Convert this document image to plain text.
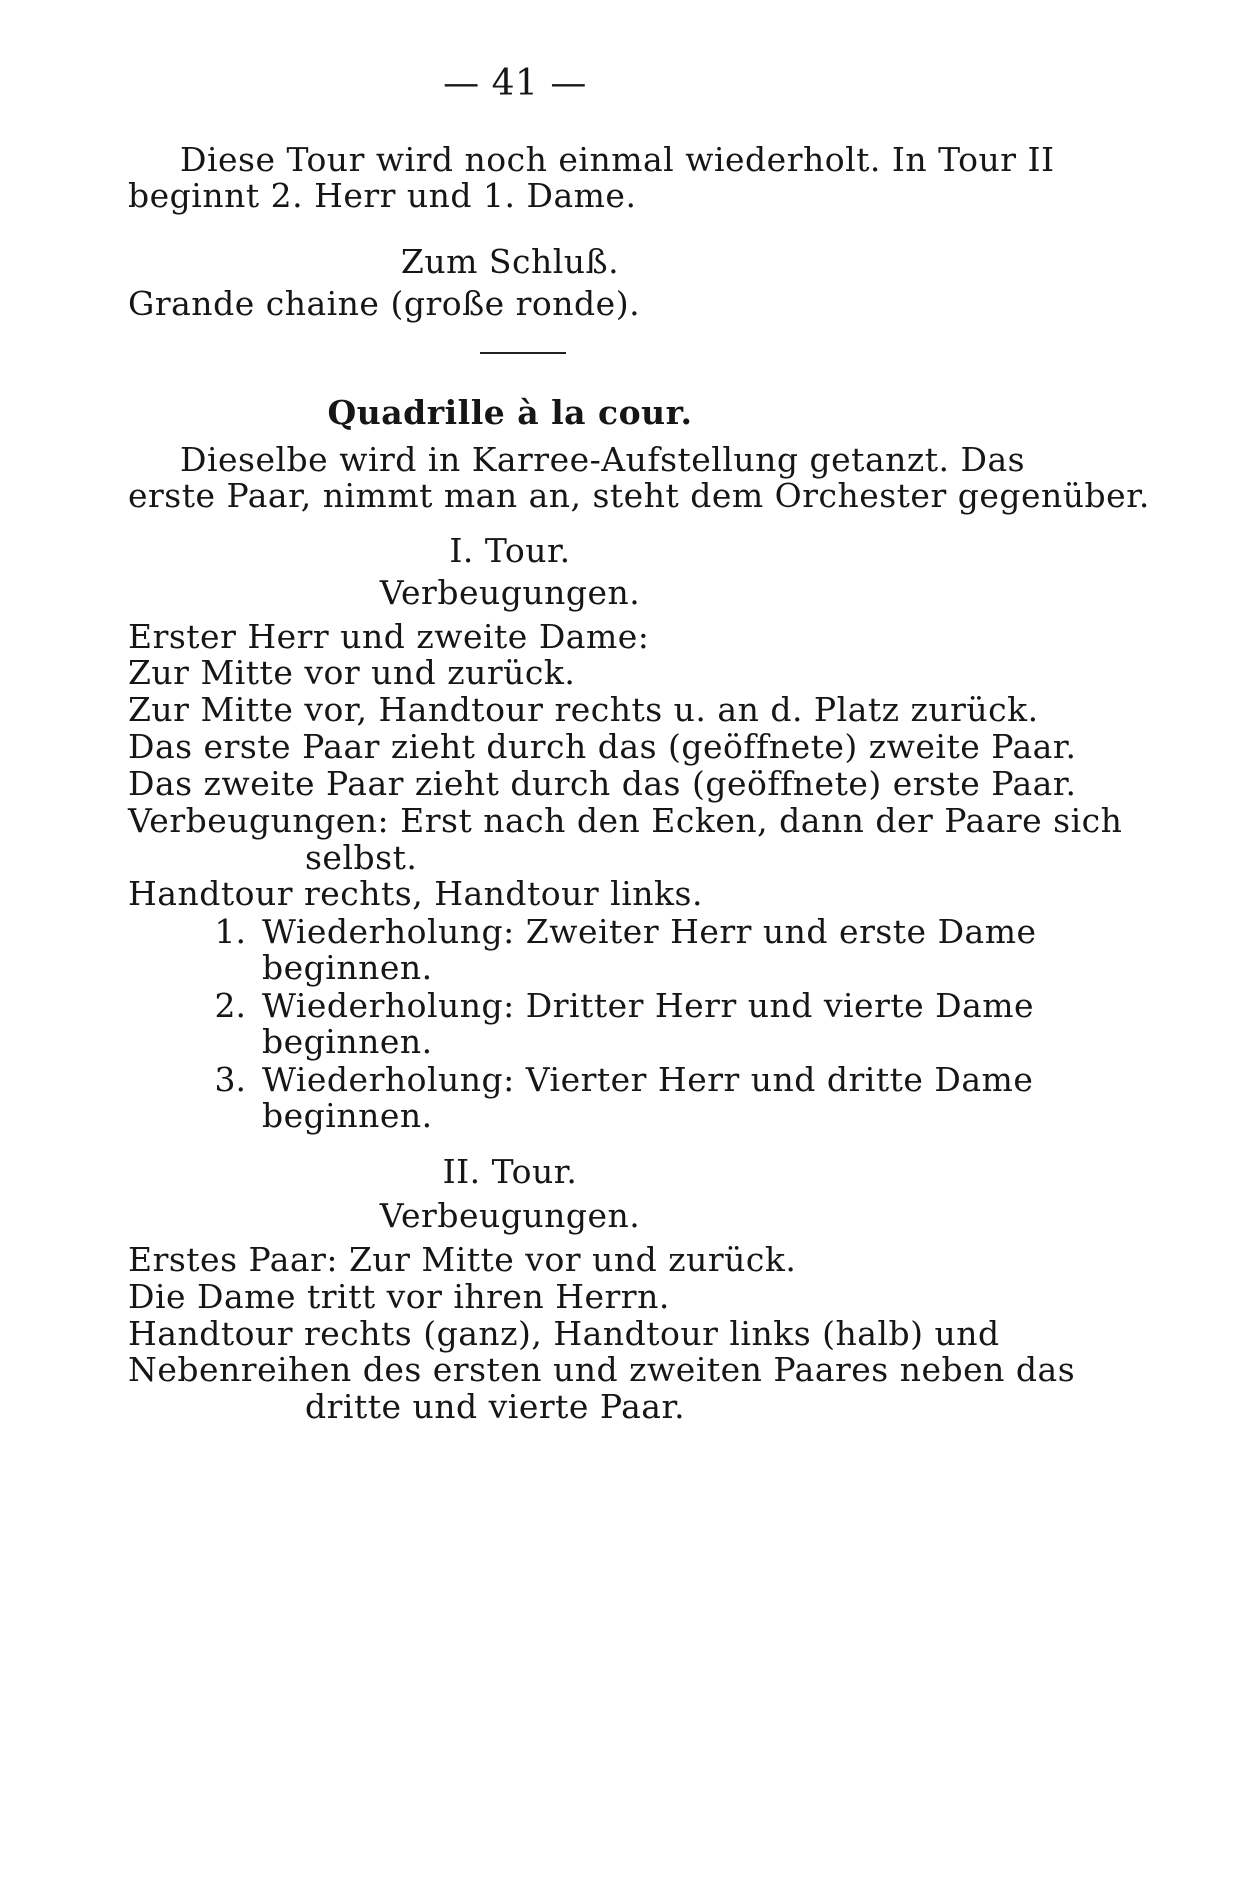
— 41 —
Diese Tour wird noch einmal wiederholt. In Tour II
beginnt 2. Herr und 1. Dame.
Zum Schluß.
Grande chaine (große ronde).
Quadrille à la cour.
Dieselbe wird in Karree-Aufstellung getanzt. Das
erste Paar, nimmt man an, steht dem Orchester gegenüber.
I. Tour.
Verbeugungen.
Erster Herr und zweite Dame:
Zur Mitte vor und zurück.
Zur Mitte vor, Handtour rechts u. an d. Platz zurück.
Das erste Paar zieht durch das (geöffnete) zweite Paar.
Das zweite Paar zieht durch das (geöffnete) erste Paar.
Verbeugungen: Erst nach den Ecken, dann der Paare sich
selbst.
Handtour rechts, Handtour links.
1. Wiederholung: Zweiter Herr und erste Dame
beginnen.
2. Wiederholung: Dritter Herr und vierte Dame
beginnen.
3. Wiederholung: Vierter Herr und dritte Dame
beginnen.
II. Tour.
Verbeugungen.
Erstes Paar: Zur Mitte vor und zurück.
Die Dame tritt vor ihren Herrn.
Handtour rechts (ganz), Handtour links (halb) und
Nebenreihen des ersten und zweiten Paares neben das
dritte und vierte Paar.
